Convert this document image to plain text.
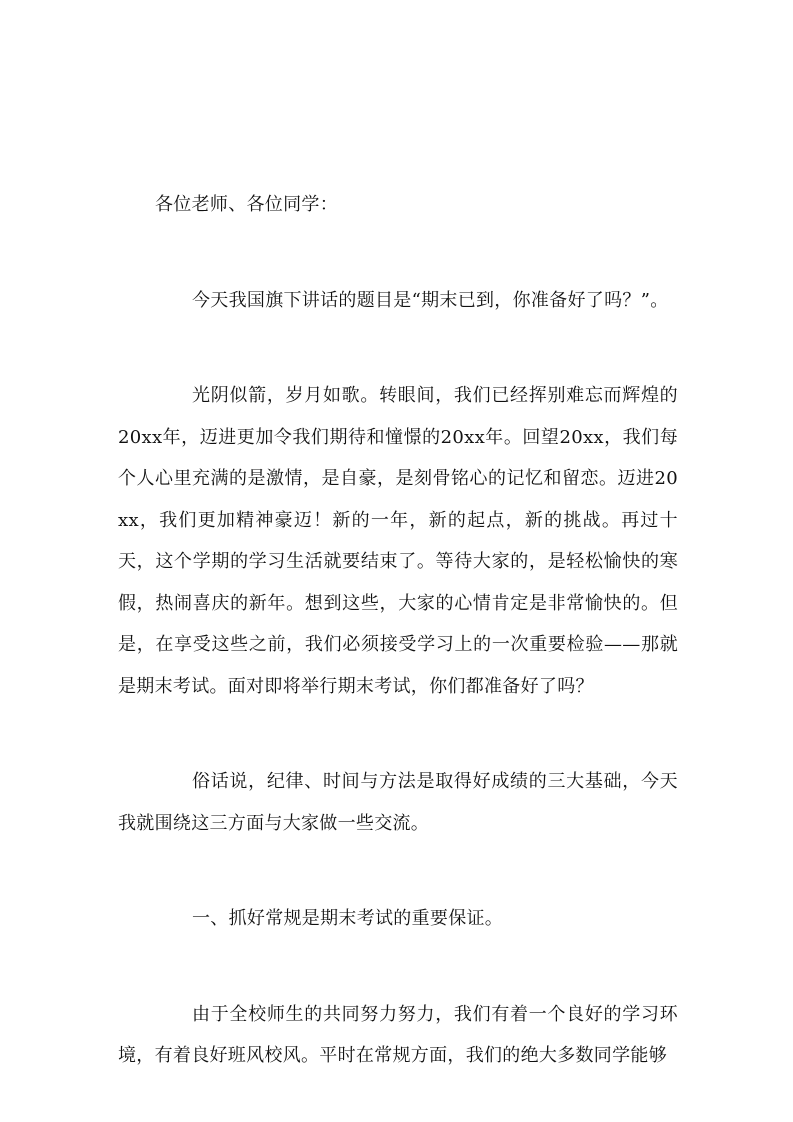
各位老师、各位同学：

今天我国旗下讲话的题目是“期末已到，你准备好了吗？”。

光阴似箭，岁月如歌。转眼间，我们已经挥别难忘而辉煌的20xx年，迈进更加令我们期待和憧憬的20xx年。回望20xx，我们每个人心里充满的是激情，是自豪，是刻骨铭心的记忆和留恋。迈进20xx，我们更加精神豪迈！新的一年，新的起点，新的挑战。再过十天，这个学期的学习生活就要结束了。等待大家的，是轻松愉快的寒假，热闹喜庆的新年。想到这些，大家的心情肯定是非常愉快的。但是，在享受这些之前，我们必须接受学习上的一次重要检验——那就是期末考试。面对即将举行期末考试，你们都准备好了吗？

俗话说，纪律、时间与方法是取得好成绩的三大基础，今天我就围绕这三方面与大家做一些交流。

一、抓好常规是期末考试的重要保证。

由于全校师生的共同努力努力，我们有着一个良好的学习环境，有着良好班风校风。平时在常规方面，我们的绝大多数同学能够
